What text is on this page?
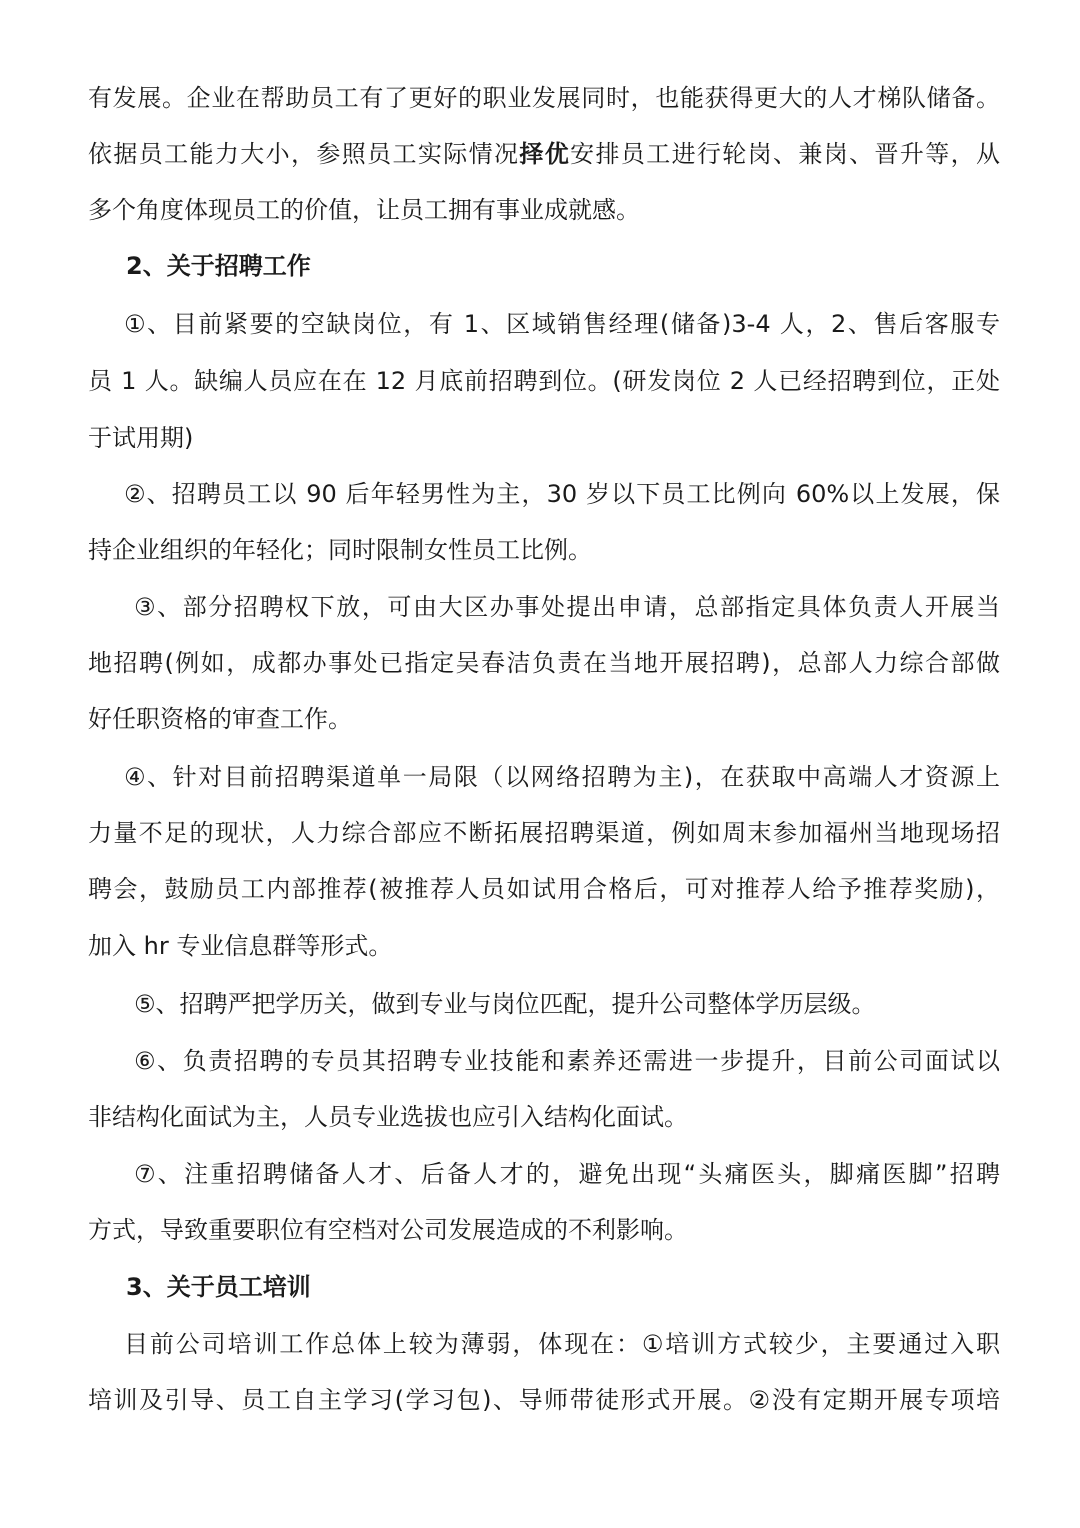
有发展。企业在帮助员工有了更好的职业发展同时，也能获得更大的人才梯队储备。
依据员工能力大小，参照员工实际情况择优安排员工进行轮岗、兼岗、晋升等，从
多个角度体现员工的价值，让员工拥有事业成就感。
2、关于招聘工作
①、目前紧要的空缺岗位，有 1、区域销售经理(储备)3-4 人，2、售后客服专
员 1 人。缺编人员应在在 12 月底前招聘到位。(研发岗位 2 人已经招聘到位，正处
于试用期)
②、招聘员工以 90 后年轻男性为主，30 岁以下员工比例向 60%以上发展，保
持企业组织的年轻化；同时限制女性员工比例。
③、部分招聘权下放，可由大区办事处提出申请，总部指定具体负责人开展当
地招聘(例如，成都办事处已指定吴春洁负责在当地开展招聘)，总部人力综合部做
好任职资格的审查工作。
④、针对目前招聘渠道单一局限（以网络招聘为主)，在获取中高端人才资源上
力量不足的现状，人力综合部应不断拓展招聘渠道，例如周末参加福州当地现场招
聘会，鼓励员工内部推荐(被推荐人员如试用合格后，可对推荐人给予推荐奖励)，
加入 hr 专业信息群等形式。
⑤、招聘严把学历关，做到专业与岗位匹配，提升公司整体学历层级。
⑥、负责招聘的专员其招聘专业技能和素养还需进一步提升，目前公司面试以
非结构化面试为主，人员专业选拔也应引入结构化面试。
⑦、注重招聘储备人才、后备人才的，避免出现“头痛医头，脚痛医脚”招聘
方式，导致重要职位有空档对公司发展造成的不利影响。
3、关于员工培训
目前公司培训工作总体上较为薄弱，体现在：①培训方式较少，主要通过入职
培训及引导、员工自主学习(学习包)、导师带徒形式开展。②没有定期开展专项培
